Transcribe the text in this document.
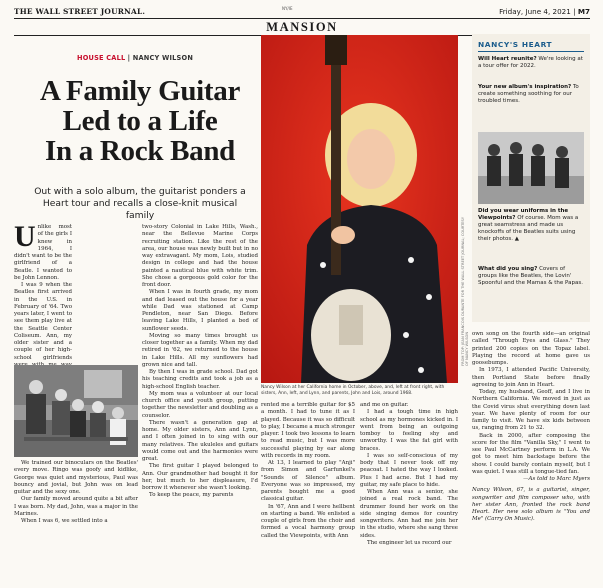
THE WALL STREET JOURNAL.	NY/IE	Friday, June 4, 2021 | M7
MANSION
HOUSE CALL | NANCY WILSON
A Family Guitar
Led to a Life
In a Rock Band
Out with a solo album, the guitarist ponders a Heart tour and recalls a close-knit musical family

Unlike most of the girls I knew in 1964, I didn't want to be the girlfriend of a Beatle. I wanted to be John Lennon.

I was 9 when the Beatles first arrived in the U.S. in February of '64. Two years later, I went to see them play live at the Seattle Center Coliseum. Ann, my older sister and a couple of her high-school girlfriends

We trained our binoculars on the Beatles' every move. Ringo was goofy and kidlike, George was quiet and mysterious, Paul was bouncy and jovial, but John was on lead guitar and the sexy one.

Our family moved around quite a bit after I was born. My dad, John, was a major in the Marines.

When I was 6, we settled into a

two-story Colonial in Lake Hills, Wash., near the Bellevue Marine Corps recruiting station. Like the rest of the area, our house was newly built but in no way extravagant. My mom, Lois, studied design in college and had the house painted a nautical blue with white trim. She chose a gorgeous gold color for the front door.

When I was in fourth grade, my mom and dad leased out the house for a year while Dad was stationed at Camp Pendleton, near San Diego. Before leaving Lake Hills, I planted a bed of sunflower seeds.

Moving so many times brought us closer together as a family. When my dad retired in '62, we returned to the house in Lake Hills. All my sunflowers had grown nice and tall.

By then I was in grade school. Dad got his teaching credits and took a job as a high-school English teacher.

My mom was a volunteer at our local church office and youth group, putting together the newsletter and doubling as a counselor.

There wasn't a generation gap at home. My older sisters, Ann and Lynn, and I often joined in to sing with our many relatives. The ukuleles and guitars would come out and the harmonies were great.

The first guitar I played belonged to Ann. Our grandmother had bought it for her, but much to her displeasure, I'd borrow it whenever she wasn't looking.

To keep the peace, my parents

Nancy Wilson at her California home in October, above, and, left at front right, with sisters, Ann, left, and Lynn, and parents, John and Lois, around 1968.
FROM TOP: JEAN FRANCOIS DURANTE FOR THE WALL STREET JOURNAL; COURTESY OF NANCY WILSON

rented me a terrible guitar for $5 a month. I had to tune it as I played. Because it was so difficult to play, I became a much stronger player. I took two lessons to learn to read music, but I was more successful playing by ear along with records in my room.

At 13, I learned to play "Anji" from Simon and Garfunkel's "Sounds of Silence" album. Everyone was so impressed, my parents bought me a good classical guitar.

In '67, Ann and I were hellbent on starting a band. We enlisted a couple of girls from the choir and formed a vocal harmony group called the Viewpoints, with Ann

and me on guitar.

I had a tough time in high school as my hormones kicked in. I went from being an outgoing tomboy to feeling shy and unworthy. I was the fat girl with braces.

I was so self-conscious of my body that I never took off my peacoat. I hated the way I looked. Plus I had acne. But I had my guitar, my safe place to hide.

When Ann was a senior, she joined a real rock band. The drummer found her work on the side singing demos for country songwriters. Ann had me join her in the studio, where she sang three sides.

The engineer let us record our

NANCY'S HEART
Will Heart reunite? We're looking at a tour offer for 2022.
Your new album's inspiration? To create something soothing for our troubled times.
Did you wear uniforms in the Viewpoints? Of course. Mom was a great seamstress and made us knockoffs of the Beatles suits using their photos. ▲
What did you sing? Covers of groups like the Beatles, the Lovin' Spoonful and the Mamas & the Papas.

own song on the fourth side—an original called "Through Eyes and Glass." They printed 200 copies on the Topaz label. Playing the record at home gave us goosebumps.

In 1973, I attended Pacific University, then Portland State before finally agreeing to join Ann in Heart.

Today, my husband, Geoff, and I live in Northern California. We moved in just as the Covid virus shut everything down last year. We have plenty of room for our family to visit. We have six kids between us, ranging from 21 to 32.

Back in 2000, after composing the score for the film "Vanilla Sky," I went to see Paul McCartney perform in L.A. We got to meet him backstage before the show. I could barely contain myself, but I was quiet. I was still a tongue-tied fan.

—As told to Marc Myers

Nancy Wilson, 67, is a guitarist, singer, songwriter and film composer who, with her sister Ann, fronted the rock band Heart. Her new solo album is "You and Me" (Carry On Music).
